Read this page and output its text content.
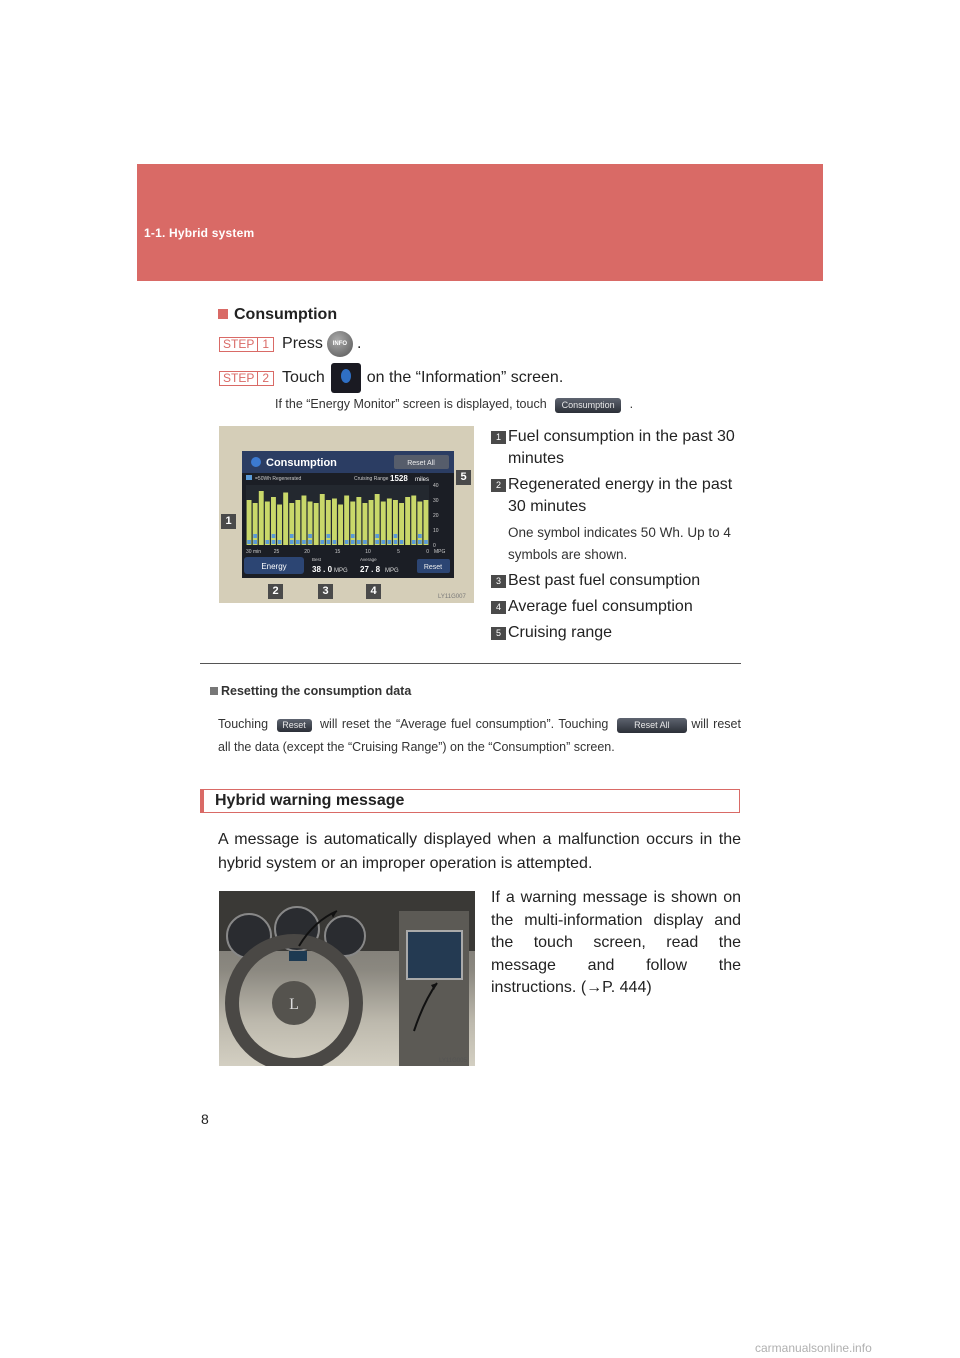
1-1. Hybrid system
Consumption
STEP 1 Press	INFO .
STEP 2 Touch	on the “Information” screen.
If the “Energy Monitor” screen is displayed, touch Consumption .
Consumption	Reset All
=50Wh Regenerated	Cruising Range 1528 miles
40
30
20
10
0
30 min	25	20	15	10	5	0 MPG
Energy
Best
38 . 0 MPG
Average
27 . 8 MPG	Reset
LY11G007
1
2	3	4
5
1 Fuel consumption in the past 30 minutes
2 Regenerated energy in the past 30 minutes
One symbol indicates 50 Wh. Up to 4 symbols are shown.
3 Best past fuel consumption
4 Average fuel consumption
5 Cruising range
Resetting the consumption data
Touching Reset will reset the “Average fuel consumption”. Touching	Reset All will reset all the data (except the “Cruising Range”) on the “Consumption” screen.
Hybrid warning message
A message is automatically displayed when a malfunction occurs in the hybrid system or an improper operation is attempted.
L
LY11G005
If a warning message is shown on the multi-information display and the touch screen, read the message and follow the instructions. (→P. 444)
8
carmanualsonline.info
